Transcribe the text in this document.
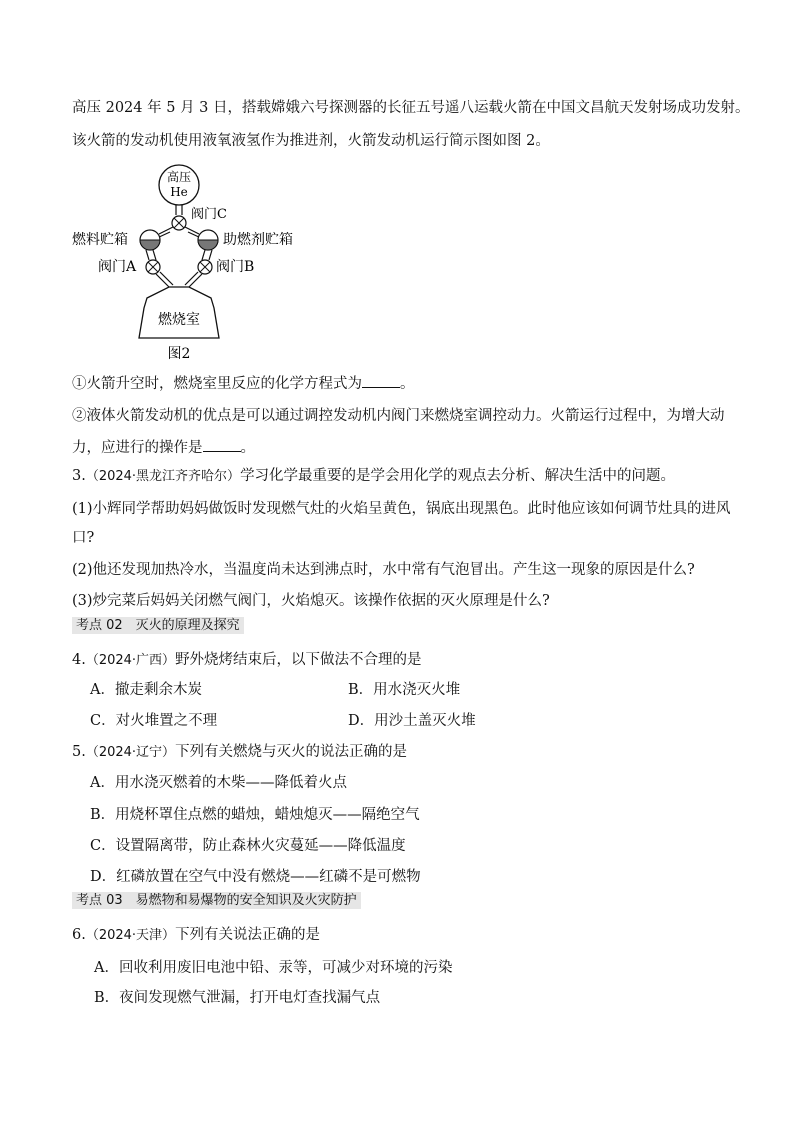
高压 2024 年 5 月 3 日，搭载嫦娥六号探测器的长征五号遥八运载火箭在中国文昌航天发射场成功发射。
该火箭的发动机使用液氧液氢作为推进剂，火箭发动机运行简示图如图 2。
高压
He
阀门C
燃料贮箱	助燃剂贮箱
阀门A	阀门B
燃烧室
图2
①火箭升空时，燃烧室里反应的化学方程式为	。
②液体火箭发动机的优点是可以通过调控发动机内阀门来燃烧室调控动力。火箭运行过程中，为增大动
力，应进行的操作是	。
3.（2024·黑龙江齐齐哈尔）学习化学最重要的是学会用化学的观点去分析、解决生活中的问题。
(1)小辉同学帮助妈妈做饭时发现燃气灶的火焰呈黄色，锅底出现黑色。此时他应该如何调节灶具的进风
口?
(2)他还发现加热冷水，当温度尚未达到沸点时，水中常有气泡冒出。产生这一现象的原因是什么?
(3)炒完菜后妈妈关闭燃气阀门，火焰熄灭。该操作依据的灭火原理是什么?
考点 02　灭火的原理及探究
4.（2024·广西）野外烧烤结束后，以下做法不合理的是
A．撤走剩余木炭	B．用水浇灭火堆
C．对火堆置之不理	D．用沙土盖灭火堆
5.（2024·辽宁）下列有关燃烧与灭火的说法正确的是
A．用水浇灭燃着的木柴——降低着火点
B．用烧杯罩住点燃的蜡烛，蜡烛熄灭——隔绝空气
C．设置隔离带，防止森林火灾蔓延——降低温度
D．红磷放置在空气中没有燃烧——红磷不是可燃物
考点 03　易燃物和易爆物的安全知识及火灾防护
6.（2024·天津）下列有关说法正确的是
A．回收利用废旧电池中铅、汞等，可减少对环境的污染
B．夜间发现燃气泄漏，打开电灯查找漏气点
